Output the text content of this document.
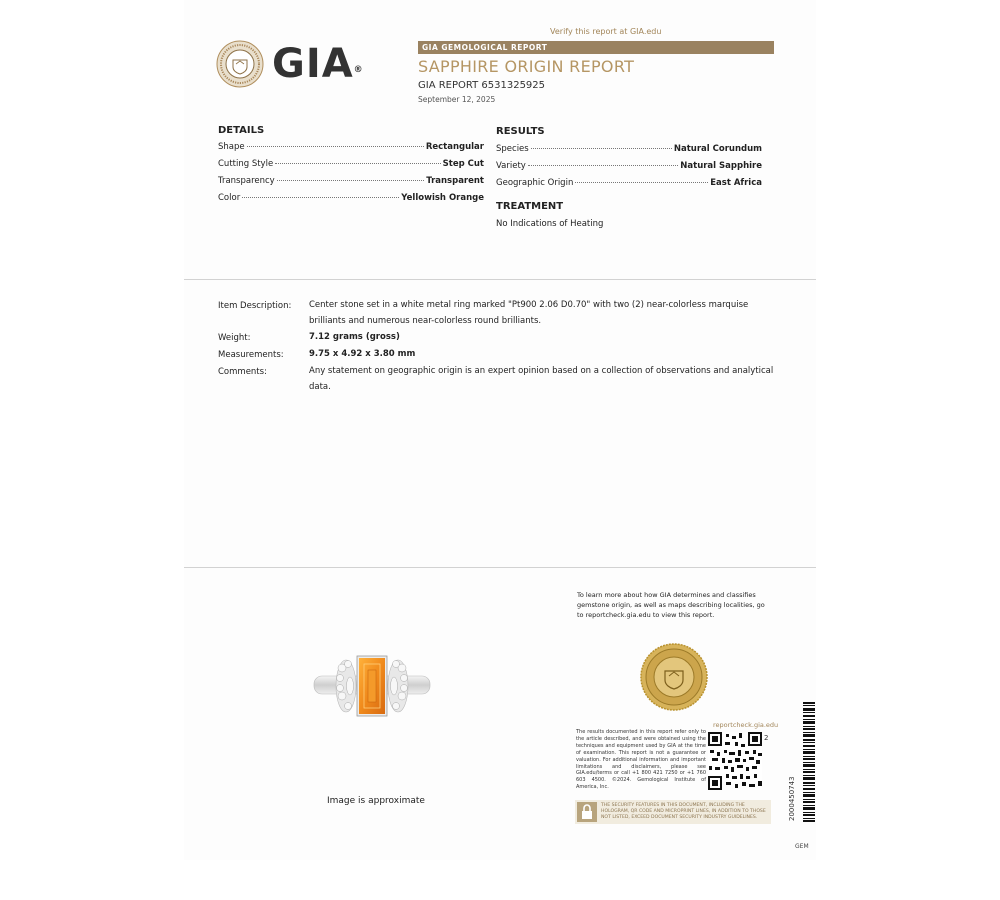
Verify this report at GIA.edu
GIA®
GIA GEMOLOGICAL REPORT
SAPPHIRE ORIGIN REPORT
GIA REPORT 6531325925
September 12, 2025
DETAILS
Shape	Rectangular
Cutting Style	Step Cut
Transparency	Transparent
Color	Yellowish Orange
RESULTS
Species	Natural Corundum
Variety	Natural Sapphire
Geographic Origin	East Africa
TREATMENT
No Indications of Heating
Item Description: Center stone set in a white metal ring marked "Pt900 2.06 D0.70" with two (2) near-colorless marquise
brilliants and numerous near-colorless round brilliants.
Weight:	7.12 grams (gross)
Measurements:	9.75 x 4.92 x 3.80 mm
Comments:	Any statement on geographic origin is an expert opinion based on a collection of observations and analytical
data.
Image is approximate
To learn more about how GIA determines and classifies gemstone origin, as well as maps describing localities, go to reportcheck.gia.edu to view this report.
reportcheck.gia.edu
The results documented in this report refer only to the article described, and were obtained using the techniques and equipment used by GIA at the time of examination. This report is not a guarantee or valuation. For additional information and important limitations and disclaimers, please see GIA.edu/terms or call +1 800 421 7250 or +1 760 603 4500. ©2024. Gemological Institute of America, Inc.
2
THE SECURITY FEATURES IN THIS DOCUMENT, INCLUDING THE HOLOGRAM, QR CODE AND MICROPRINT LINES, IN ADDITION TO THOSE NOT LISTED, EXCEED DOCUMENT SECURITY INDUSTRY GUIDELINES.	2000450743
GEM
